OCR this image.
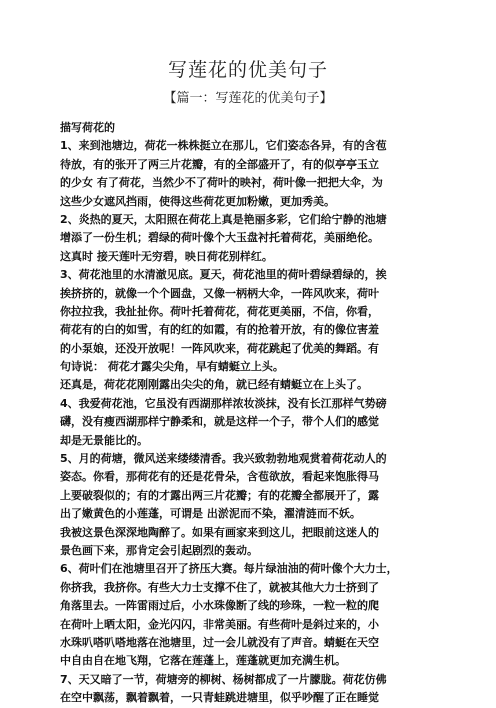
写莲花的优美句子
【篇一：写莲花的优美句子】
描写荷花的
1、来到池塘边，荷花一株株挺立在那儿，它们姿态各异，有的含苞
待放，有的张开了两三片花瓣，有的全部盛开了，有的似亭亭玉立
的少女 有了荷花，当然少不了荷叶的映衬，荷叶像一把把大伞，为
这些少女遮风挡雨，使得这些荷花更加粉嫩，更加秀美。
2、炎热的夏天，太阳照在荷花上真是艳丽多彩，它们给宁静的池塘
增添了一份生机；碧绿的荷叶像个大玉盘衬托着荷花，美丽绝伦。
这真时 接天莲叶无穷碧，映日荷花别样红。
3、荷花池里的水清澈见底。夏天，荷花池里的荷叶碧绿碧绿的，挨
挨挤挤的，就像一个个圆盘，又像一柄柄大伞，一阵风吹来，荷叶
你拉拉我，我扯扯你。荷叶托着荷花，荷花更美丽，不信，你看，
荷花有的白的如雪，有的红的如霞，有的抢着开放，有的像位害羞
的小泵娘，还没开放呢！一阵风吹来，荷花跳起了优美的舞蹈。有
句诗说： 荷花才露尖尖角，早有蜻蜓立上头。
还真是，荷花花刚刚露出尖尖的角，就已经有蜻蜓立在上头了。
4、我爱荷花池，它虽没有西湖那样浓妆淡抹，没有长江那样气势磅
礴，没有瘦西湖那样宁静柔和，就是这样一个子，带个人们的感觉
却是无景能比的。
5、月的荷塘，微风送来缕缕清香。我兴致勃勃地观赏着荷花动人的
姿态。你看，那荷花有的还是花骨朵，含苞欲放，看起来饱胀得马
上要破裂似的；有的才露出两三片花瓣；有的花瓣全都展开了，露
出了嫩黄色的小莲蓬，可谓是 出淤泥而不染，濯清涟而不妖。
我被这景色深深地陶醉了。如果有画家来到这儿，把眼前这迷人的
景色画下来，那肯定会引起剧烈的轰动。
6、荷叶们在池塘里召开了挤压大赛。每片绿油油的荷叶像个大力士，
你挤我，我挤你。有些大力士支撑不住了，就被其他大力士挤到了
角落里去。一阵雷雨过后，小水珠像断了线的珍珠，一粒一粒的爬
在荷叶上晒太阳，金光闪闪，非常美丽。有些荷叶是斜过来的，小
水珠叭嗒叭嗒地落在池塘里，过一会儿就没有了声音。蜻蜓在天空
中自由自在地飞翔，它落在莲蓬上，莲蓬就更加充满生机。
7、天又暗了一节，荷塘旁的柳树、杨树都成了一片朦胧。荷花仿佛
在空中飘荡，飘着飘着，一只青蛙跳进塘里，似乎吵醒了正在睡觉
